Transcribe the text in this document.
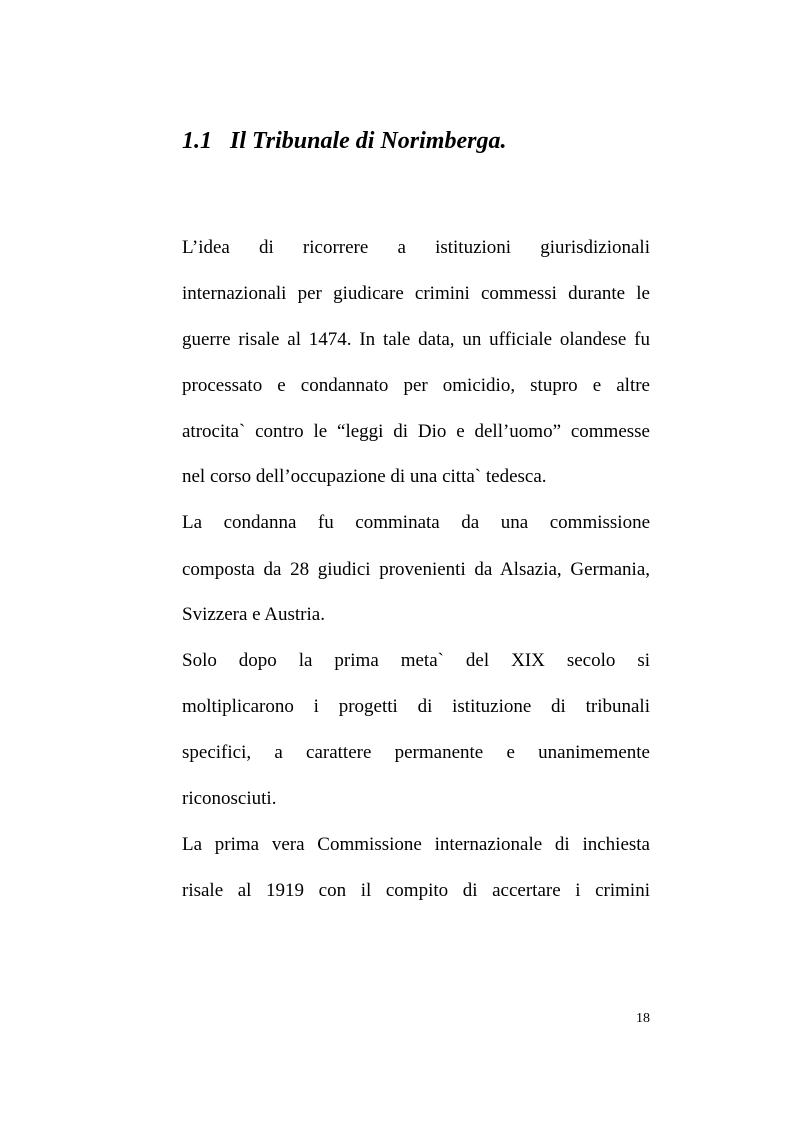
1.1 Il Tribunale di Norimberga.
L’idea di ricorrere a istituzioni giurisdizionali
internazionali per giudicare crimini commessi durante le
guerre risale al 1474. In tale data, un ufficiale olandese fu
processato e condannato per omicidio, stupro e altre
atrocita` contro le “leggi di Dio e dell’uomo” commesse
nel corso dell’occupazione di una citta` tedesca.
La condanna fu comminata da una commissione
composta da 28 giudici provenienti da Alsazia, Germania,
Svizzera e Austria.
Solo dopo la prima meta` del XIX secolo si
moltiplicarono i progetti di istituzione di tribunali
specifici, a carattere permanente e unanimemente
riconosciuti.
La prima vera Commissione internazionale di inchiesta
risale al 1919 con il compito di accertare i crimini
18
